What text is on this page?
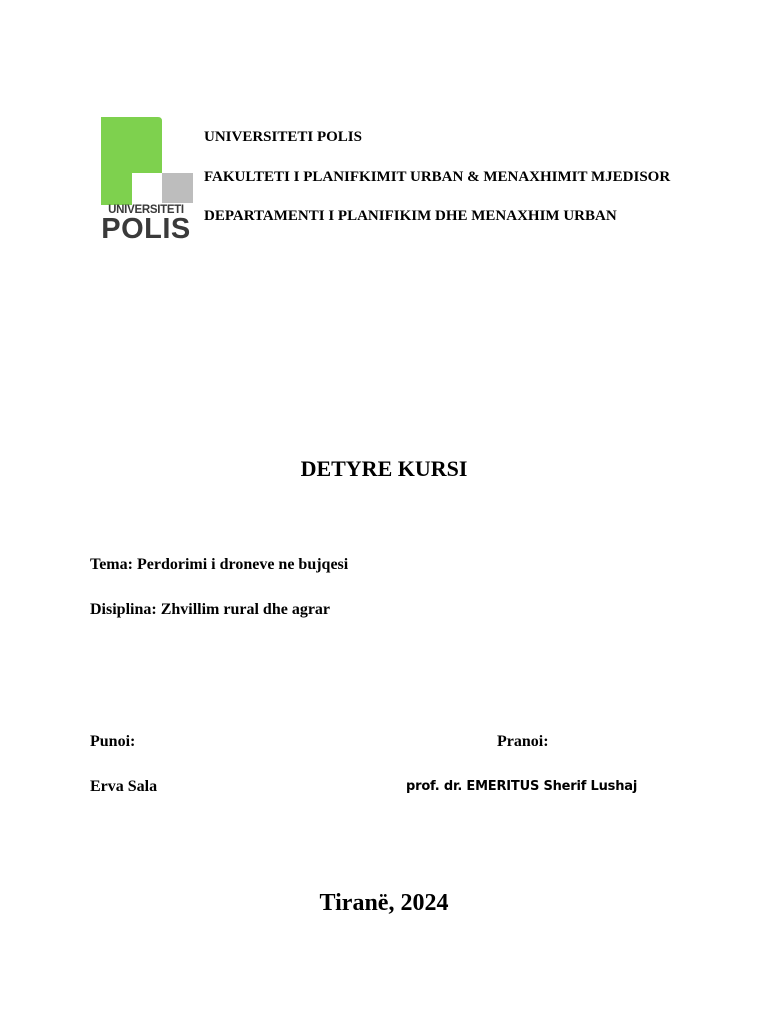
UNIVERSITETI
POLIS
UNIVERSITETI POLIS
FAKULTETI I PLANIFKIMIT URBAN & MENAXHIMIT MJEDISOR
DEPARTAMENTI I PLANIFIKIM DHE MENAXHIM URBAN
DETYRE KURSI
Tema: Perdorimi i droneve ne bujqesi
Disiplina: Zhvillim rural dhe agrar
Punoi:	Pranoi:
Erva Sala	prof. dr. EMERITUS Sherif Lushaj
Tiranë, 2024
